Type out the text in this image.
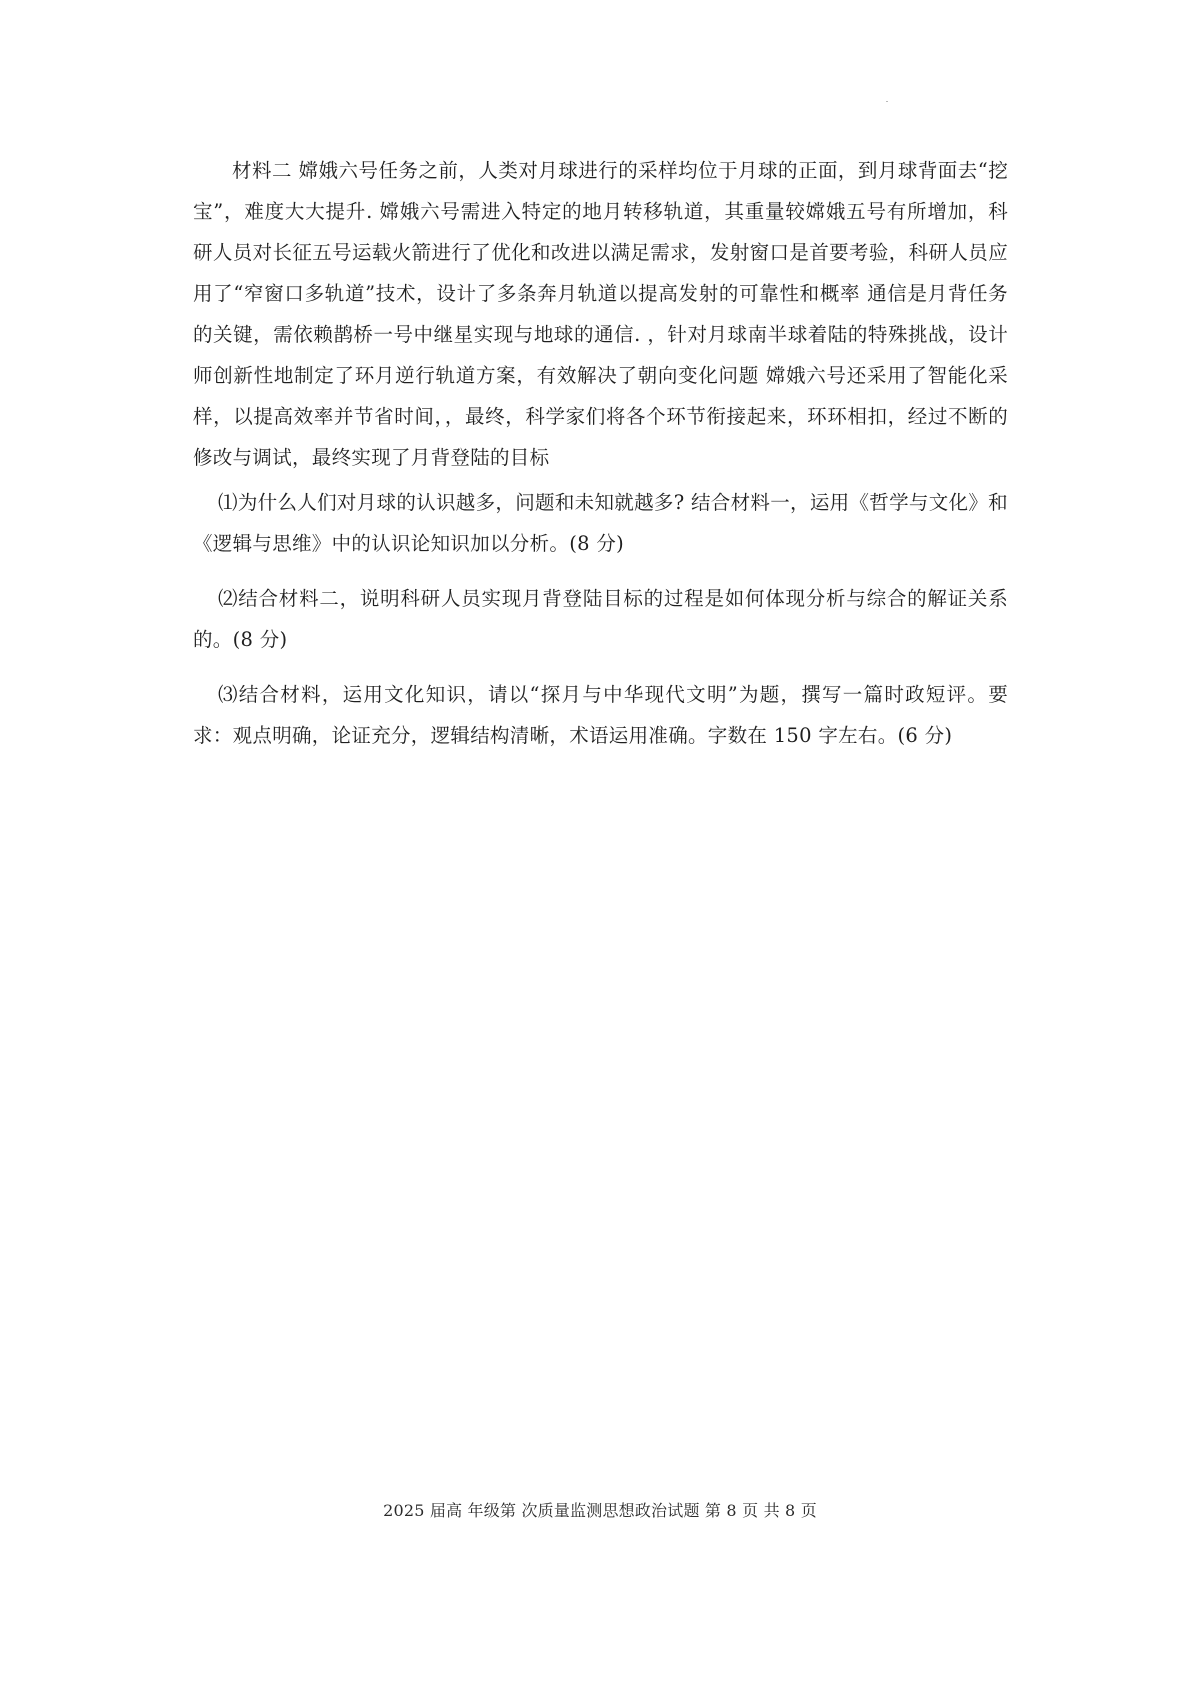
材料二 嫦娥六号任务之前，人类对月球进行的采样均位于月球的正面，到月球背面去“挖宝”，难度大大提升. 嫦娥六号需进入特定的地月转移轨道，其重量较嫦娥五号有所增加，科研人员对长征五号运载火箭进行了优化和改进以满足需求，发射窗口是首要考验，科研人员应用了“窄窗口多轨道”技术，设计了多条奔月轨道以提高发射的可靠性和概率 通信是月背任务的关键，需依赖鹊桥一号中继星实现与地球的通信. ，针对月球南半球着陆的特殊挑战，设计师创新性地制定了环月逆行轨道方案，有效解决了朝向变化问题 嫦娥六号还采用了智能化采样，以提高效率并节省时间，，最终，科学家们将各个环节衔接起来，环环相扣，经过不断的修改与调试，最终实现了月背登陆的目标

⑴为什么人们对月球的认识越多，问题和未知就越多? 结合材料一，运用《哲学与文化》和《逻辑与思维》中的认识论知识加以分析。(8 分)

⑵结合材料二，说明科研人员实现月背登陆目标的过程是如何体现分析与综合的解证关系的。(8 分)

⑶结合材料，运用文化知识，请以“探月与中华现代文明”为题，撰写一篇时政短评。要求：观点明确，论证充分，逻辑结构清晰，术语运用准确。字数在 150 字左右。(6 分)

2025 届高 年级第 次质量监测思想政治试题 第 8 页 共 8 页
